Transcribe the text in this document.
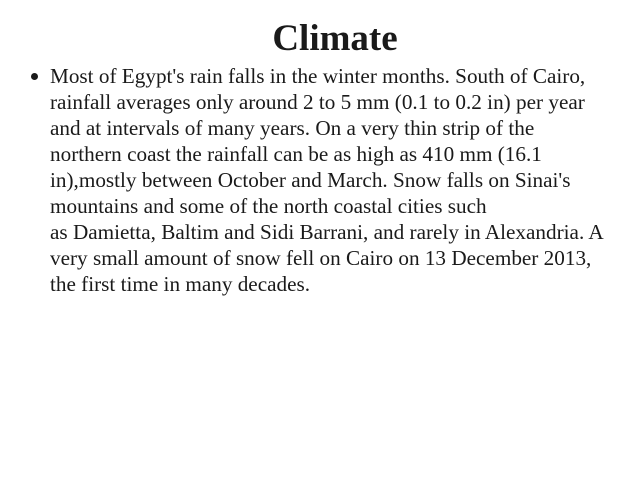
Climate
Most of Egypt's rain falls in the winter months. South of Cairo, rainfall averages only around 2 to 5 mm (0.1 to 0.2 in) per year and at intervals of many years. On a very thin strip of the northern coast the rainfall can be as high as 410 mm (16.1 in),mostly between October and March. Snow falls on Sinai's mountains and some of the north coastal cities such
as Damietta, Baltim and Sidi Barrani, and rarely in Alexandria. A very small amount of snow fell on Cairo on 13 December 2013, the first time in many decades.
